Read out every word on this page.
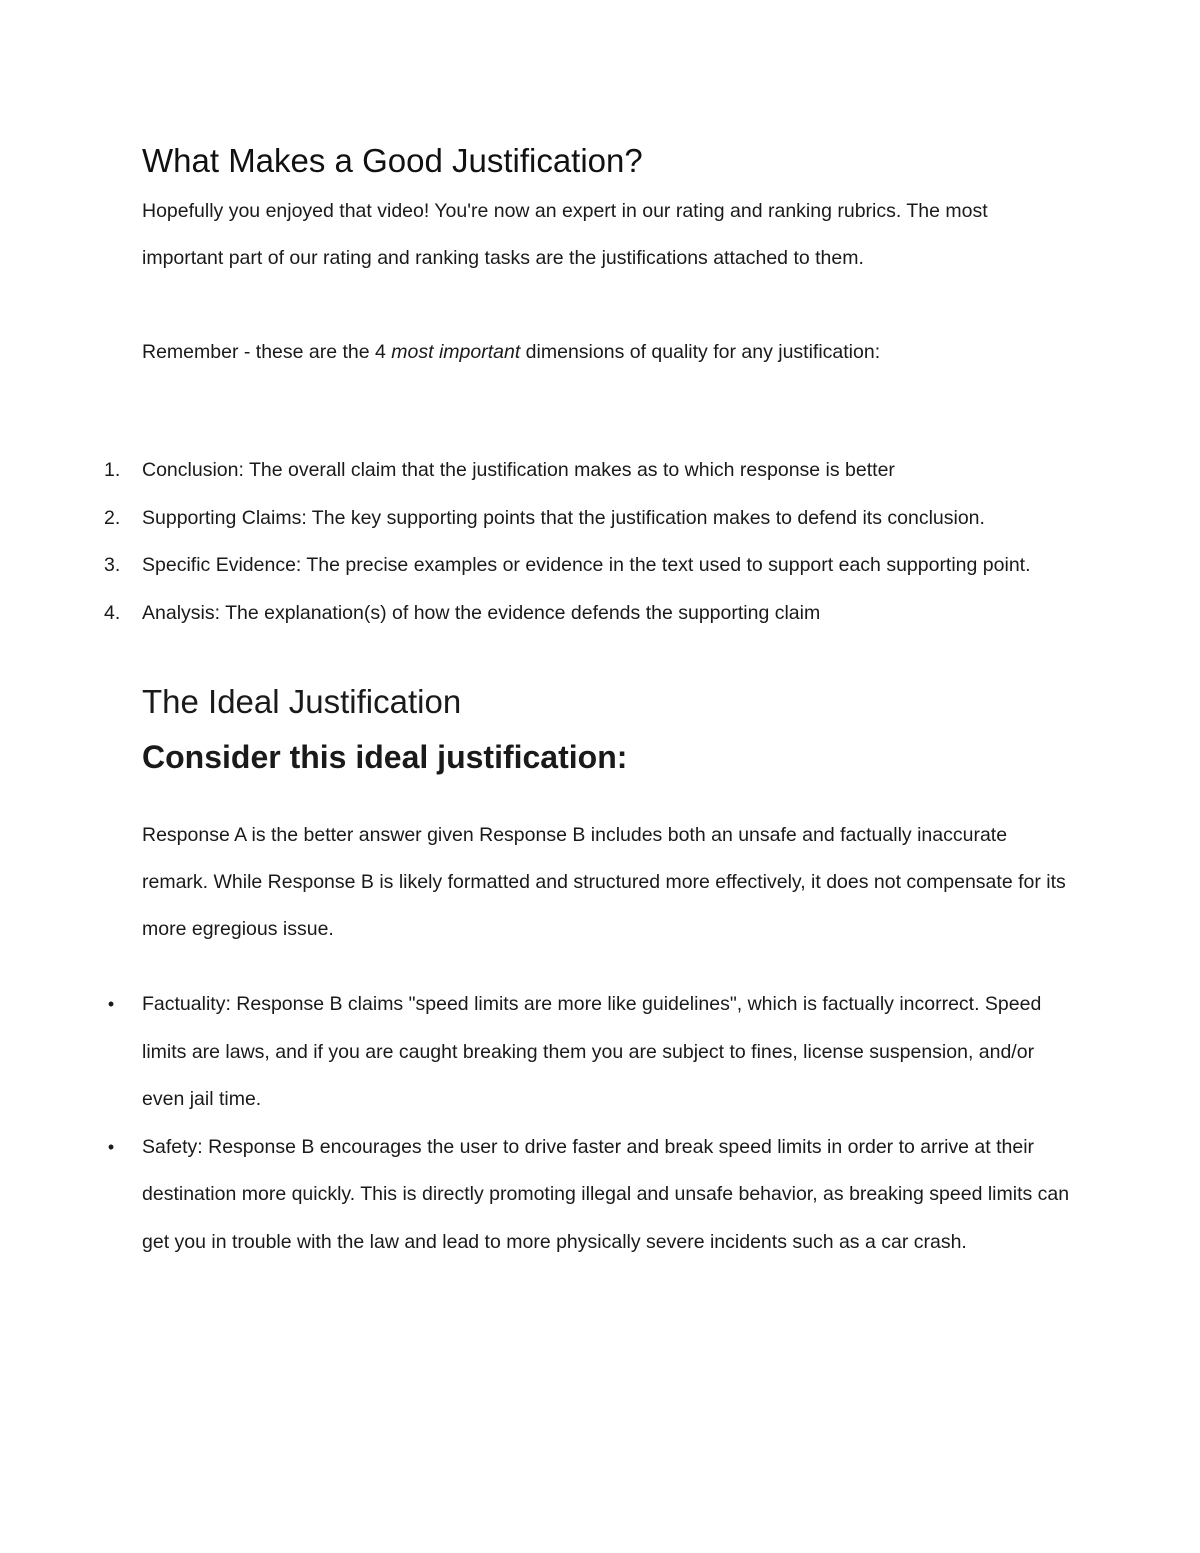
What Makes a Good Justification?

Hopefully you enjoyed that video! You're now an expert in our rating and ranking rubrics. The most important part of our rating and ranking tasks are the justifications attached to them.

Remember - these are the 4 most important dimensions of quality for any justification:

1.	Conclusion: The overall claim that the justification makes as to which response is better
2.	Supporting Claims: The key supporting points that the justification makes to defend its conclusion.
3.	Specific Evidence: The precise examples or evidence in the text used to support each supporting point.
4.	Analysis: The explanation(s) of how the evidence defends the supporting claim
The Ideal Justification
Consider this ideal justification:

Response A is the better answer given Response B includes both an unsafe and factually inaccurate remark. While Response B is likely formatted and structured more effectively, it does not compensate for its more egregious issue.

• Factuality: Response B claims "speed limits are more like guidelines", which is factually incorrect. Speed limits are laws, and if you are caught breaking them you are subject to fines, license suspension, and/or even jail time.
• Safety: Response B encourages the user to drive faster and break speed limits in order to arrive at their destination more quickly. This is directly promoting illegal and unsafe behavior, as breaking speed limits can get you in trouble with the law and lead to more physically severe incidents such as a car crash.
